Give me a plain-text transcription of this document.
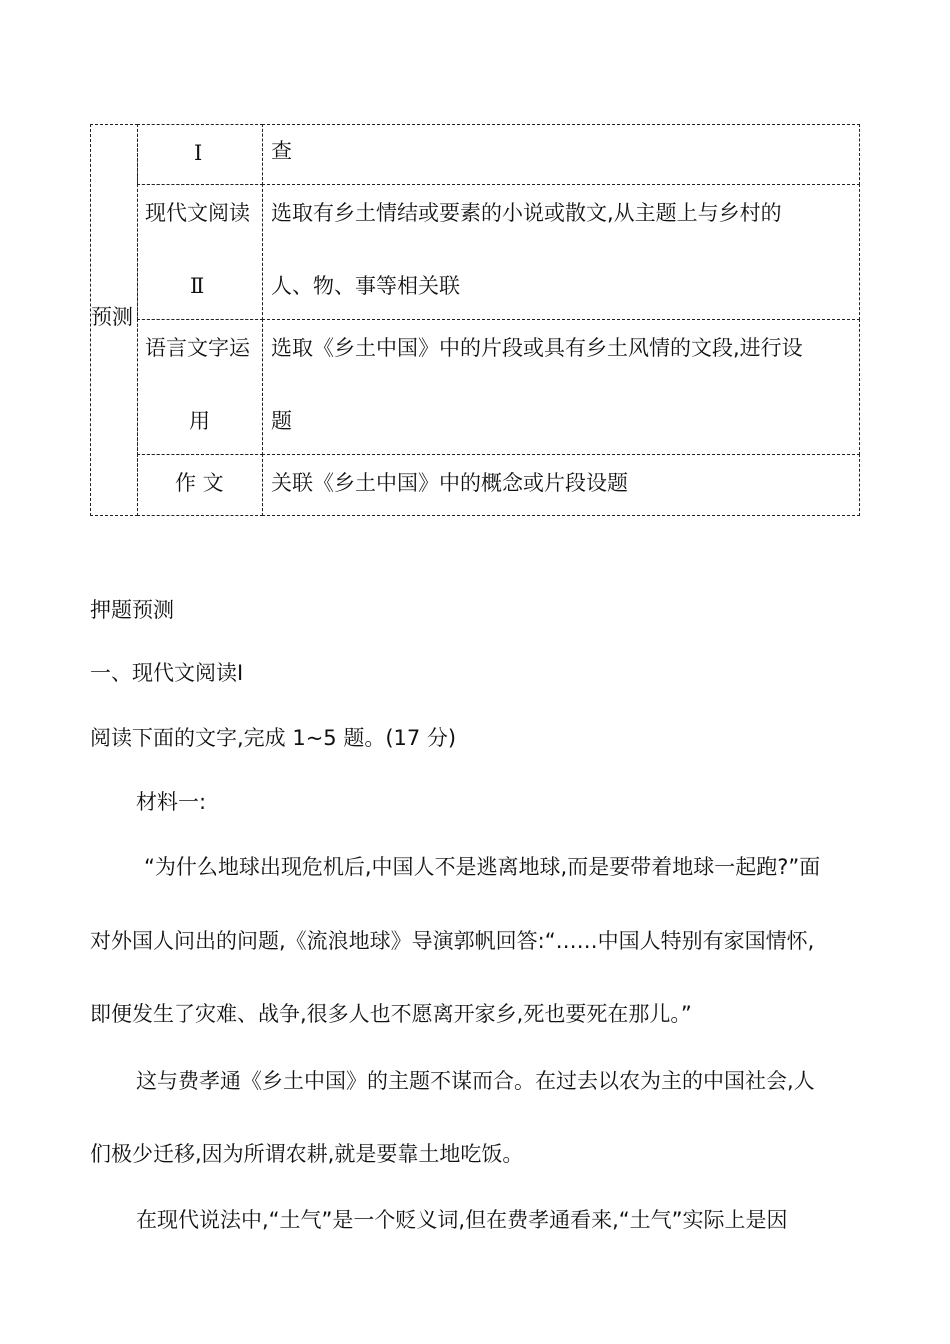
预测
Ⅰ	查
现代文阅读
Ⅱ
选取有乡土情结或要素的小说或散文,从主题上与乡村的
人、物、事等相关联
语言文字运
用
选取《乡土中国》中的片段或具有乡土风情的文段,进行设
题
作 文 关联《乡土中国》中的概念或片段设题
押题预测
一、现代文阅读Ⅰ
阅读下面的文字,完成 1~5 题。(17 分)
材料一:
“为什么地球出现危机后,中国人不是逃离地球,而是要带着地球一起跑?”面
对外国人问出的问题,《流浪地球》导演郭帆回答:“……中国人特别有家国情怀,
即便发生了灾难、战争,很多人也不愿离开家乡,死也要死在那儿。”
这与费孝通《乡土中国》的主题不谋而合。在过去以农为主的中国社会,人
们极少迁移,因为所谓农耕,就是要靠土地吃饭。
在现代说法中,“土气”是一个贬义词,但在费孝通看来,“土气”实际上是因
